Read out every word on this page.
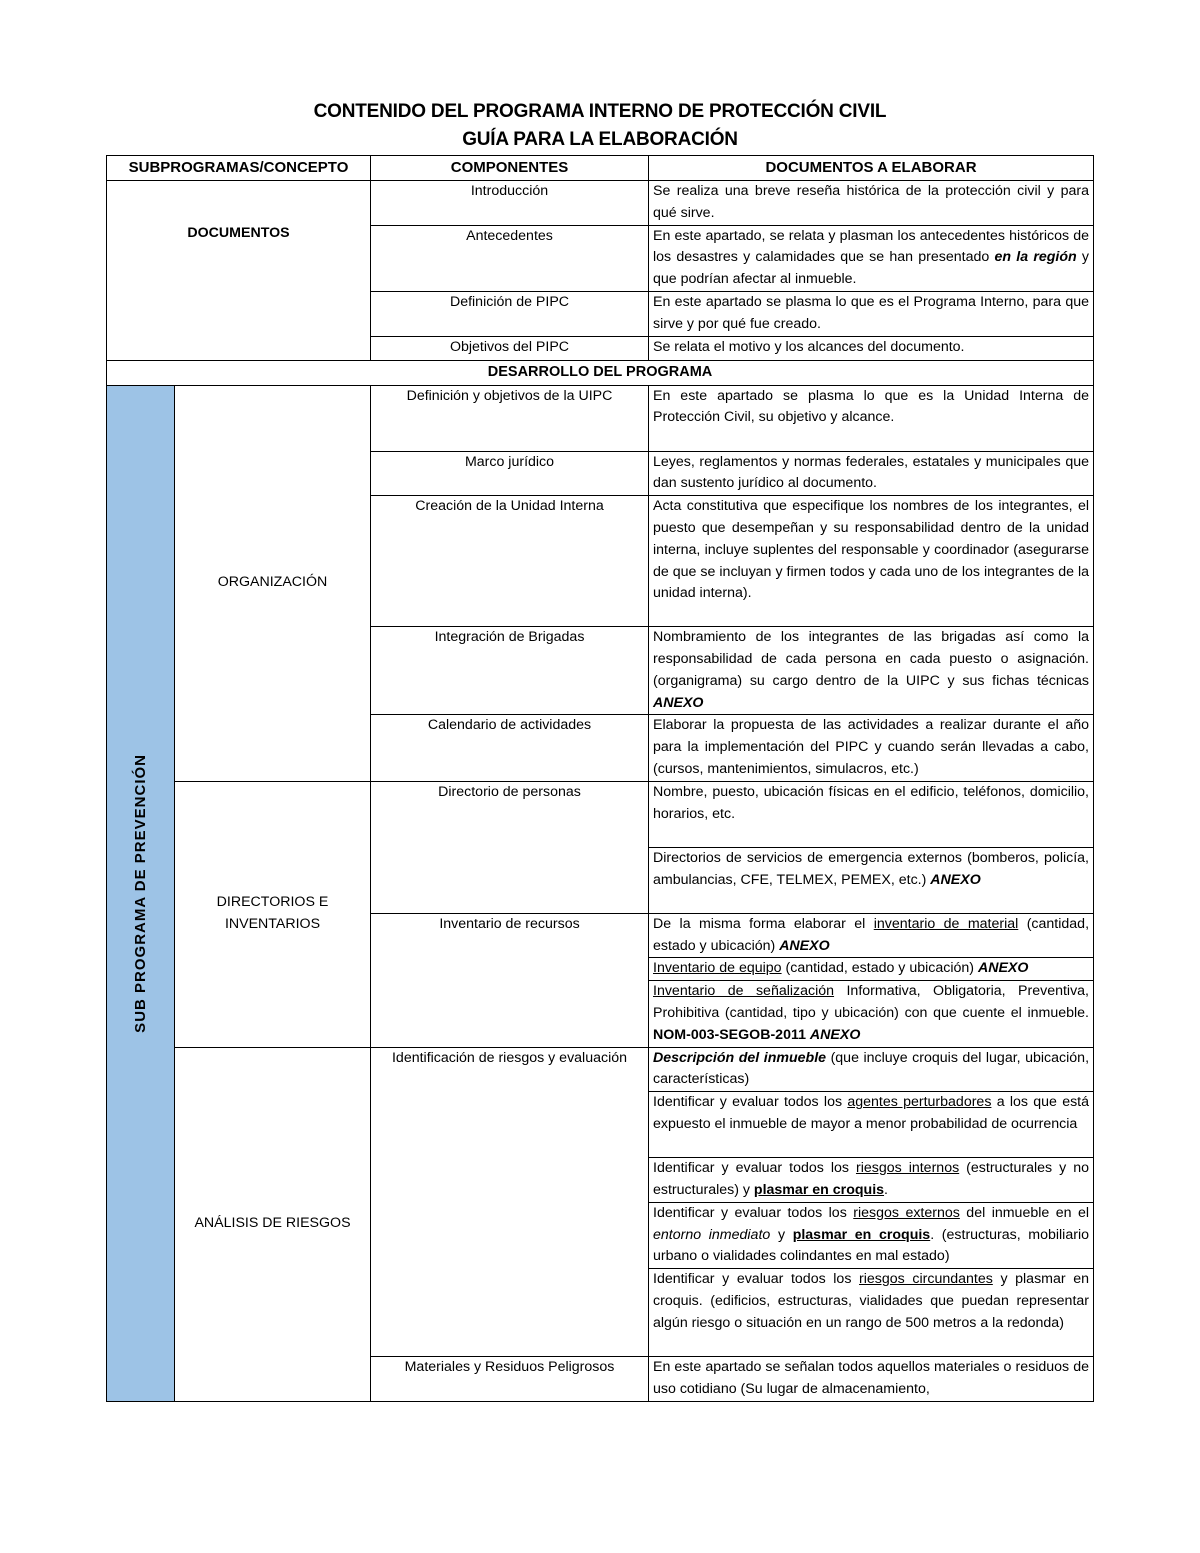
CONTENIDO DEL PROGRAMA INTERNO DE PROTECCIÓN CIVIL
GUÍA PARA LA ELABORACIÓN
SUBPROGRAMAS/CONCEPTO		COMPONENTES	DOCUMENTOS A ELABORAR
DOCUMENTOS		Introducción	Se realiza una breve reseña histórica de la protección civil y para qué sirve.
		Antecedentes	En este apartado, se relata y plasman los antecedentes históricos de los desastres y calamidades que se han presentado en la región y que podrían afectar al inmueble.
		Definición de PIPC	En este apartado se plasma lo que es el Programa Interno, para que sirve y por qué fue creado.
		Objetivos del PIPC	Se relata el motivo y los alcances del documento.
DESARROLLO DEL PROGRAMA			

SUB PROGRAMA DE PREVENCIÓN	ORGANIZACIÓN	Definición y objetivos de la UIPC	En este apartado se plasma lo que es la Unidad Interna de Protección Civil, su objetivo y alcance.
		Marco jurídico	Leyes, reglamentos y normas federales, estatales y municipales que dan sustento jurídico al documento.
		Creación de la Unidad Interna	Acta constitutiva que especifique los nombres de los integrantes, el puesto que desempeñan y su responsabilidad dentro de la unidad interna, incluye suplentes del responsable y coordinador (asegurarse de que se incluyan y firmen todos y cada uno de los integrantes de la unidad interna).
		Integración de Brigadas	Nombramiento de los integrantes de las brigadas así como la responsabilidad de cada persona en cada puesto o asignación. (organigrama) su cargo dentro de la UIPC y sus fichas técnicas ANEXO
		Calendario de actividades	Elaborar la propuesta de las actividades a realizar durante el año para la implementación del PIPC y cuando serán llevadas a cabo, (cursos, mantenimientos, simulacros, etc.)
	DIRECTORIOS E INVENTARIOS	Directorio de personas	Nombre, puesto, ubicación físicas en el edificio, teléfonos, domicilio, horarios, etc.
			Directorios de servicios de emergencia externos (bomberos, policía, ambulancias, CFE, TELMEX, PEMEX, etc.) ANEXO
		Inventario de recursos	De la misma forma elaborar el inventario de material (cantidad, estado y ubicación) ANEXO
			Inventario de equipo (cantidad, estado y ubicación) ANEXO
			Inventario de señalización Informativa, Obligatoria, Preventiva, Prohibitiva (cantidad, tipo y ubicación) con que cuente el inmueble. NOM-003-SEGOB-2011 ANEXO
	ANÁLISIS DE RIESGOS	Identificación de riesgos y evaluación	Descripción del inmueble (que incluye croquis del lugar, ubicación, características)
			Identificar y evaluar todos los agentes perturbadores a los que está expuesto el inmueble de mayor a menor probabilidad de ocurrencia
			Identificar y evaluar todos los riesgos internos (estructurales y no estructurales) y plasmar en croquis.
			Identificar y evaluar todos los riesgos externos del inmueble en el entorno inmediato y plasmar en croquis. (estructuras, mobiliario urbano o vialidades colindantes en mal estado)
			Identificar y evaluar todos los riesgos circundantes y plasmar en croquis. (edificios, estructuras, vialidades que puedan representar algún riesgo o situación en un rango de 500 metros a la redonda)
		Materiales y Residuos Peligrosos	En este apartado se señalan todos aquellos materiales o residuos de uso cotidiano (Su lugar de almacenamiento,
